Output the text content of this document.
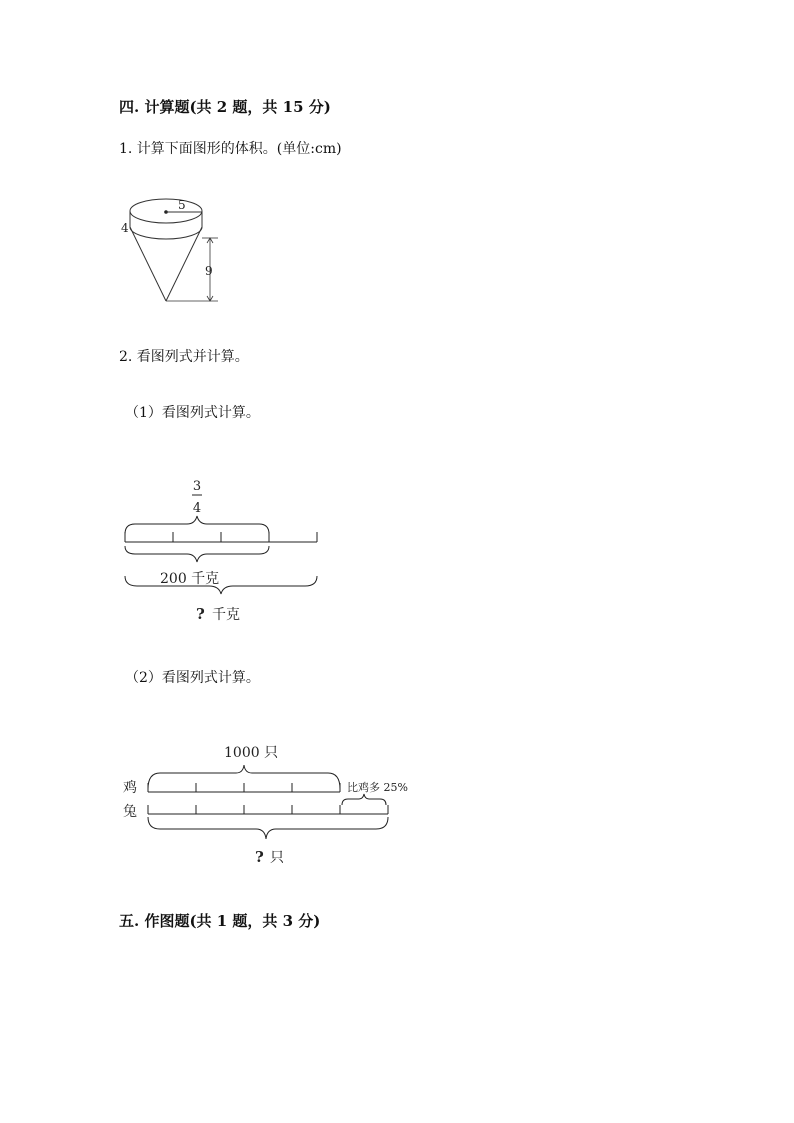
四. 计算题(共 2 题，共 15 分)
1. 计算下面图形的体积。(单位:cm)
5
4
9
2. 看图列式并计算。
（1）看图列式计算。
3
4
200 千克
? 千克
（2）看图列式计算。
1000 只
鸡	比鸡多 25%
兔
? 只
五. 作图题(共 1 题，共 3 分)
